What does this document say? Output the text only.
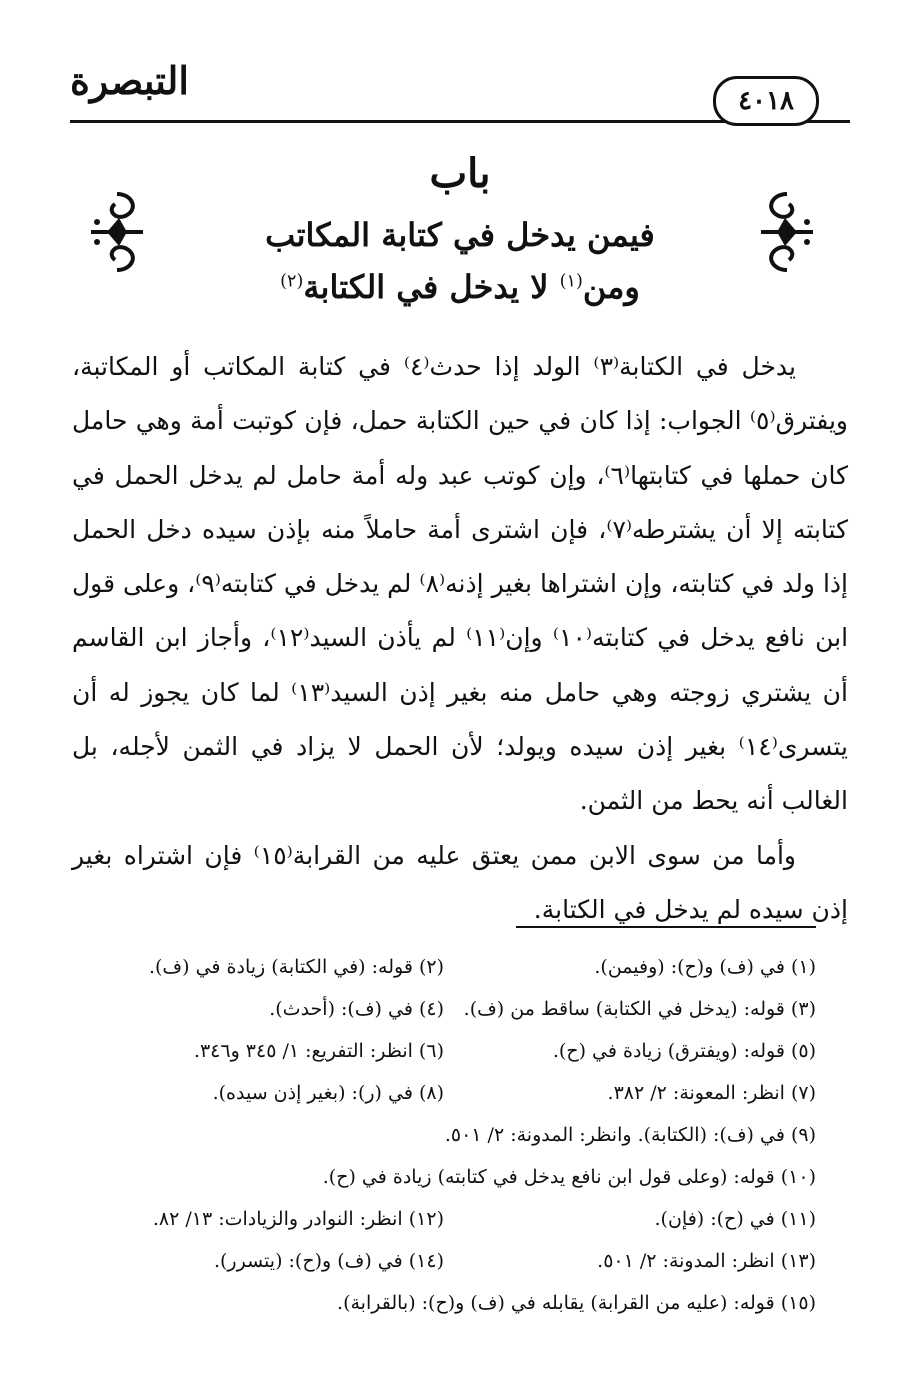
التبصرة	٤٠١٨
باب
فيمن يدخل في كتابة المكاتب
ومن$^{(١)}$ لا يدخل في الكتابة$^{(٢)}$

يدخل في الكتابة⁽٣⁾ الولد إذا حدث⁽٤⁾ في كتابة المكاتب أو المكاتبة، ويفترق⁽٥⁾ الجواب: إذا كان في حين الكتابة حمل، فإن كوتبت أمة وهي حامل كان حملها في كتابتها⁽٦⁾، وإن كوتب عبد وله أمة حامل لم يدخل الحمل في كتابته إلا أن يشترطه⁽٧⁾، فإن اشترى أمة حاملاً منه بإذن سيده دخل الحمل إذا ولد في كتابته، وإن اشتراها بغير إذنه⁽٨⁾ لم يدخل في كتابته⁽٩⁾، وعلى قول ابن نافع يدخل في كتابته⁽١٠⁾ وإن⁽١١⁾ لم يأذن السيد⁽١٢⁾، وأجاز ابن القاسم أن يشتري زوجته وهي حامل منه بغير إذن السيد⁽١٣⁾ لما كان يجوز له أن يتسرى⁽١٤⁾ بغير إذن سيده ويولد؛ لأن الحمل لا يزاد في الثمن لأجله، بل الغالب أنه يحط من الثمن.

وأما من سوى الابن ممن يعتق عليه من القرابة⁽١٥⁾ فإن اشتراه بغير إذن سيده لم يدخل في الكتابة.

(١) في (ف) و(ح): (وفيمن).
(٢) قوله: (في الكتابة) زيادة في (ف).
(٣) قوله: (يدخل في الكتابة) ساقط من (ف).
(٤) في (ف): (أحدث).
(٥) قوله: (ويفترق) زيادة في (ح).
(٦) انظر: التفريع: ١/ ٣٤٥ و٣٤٦.
(٧) انظر: المعونة: ٢/ ٣٨٢.
(٨) في (ر): (بغير إذن سيده).
(٩) في (ف): (الكتابة). وانظر: المدونة: ٢/ ٥٠١.
(١٠) قوله: (وعلى قول ابن نافع يدخل في كتابته) زيادة في (ح).
(١١) في (ح): (فإن).
(١٢) انظر: النوادر والزيادات: ١٣/ ٨٢.
(١٣) انظر: المدونة: ٢/ ٥٠١.
(١٤) في (ف) و(ح): (يتسرر).
(١٥) قوله: (عليه من القرابة) يقابله في (ف) و(ح): (بالقرابة).
